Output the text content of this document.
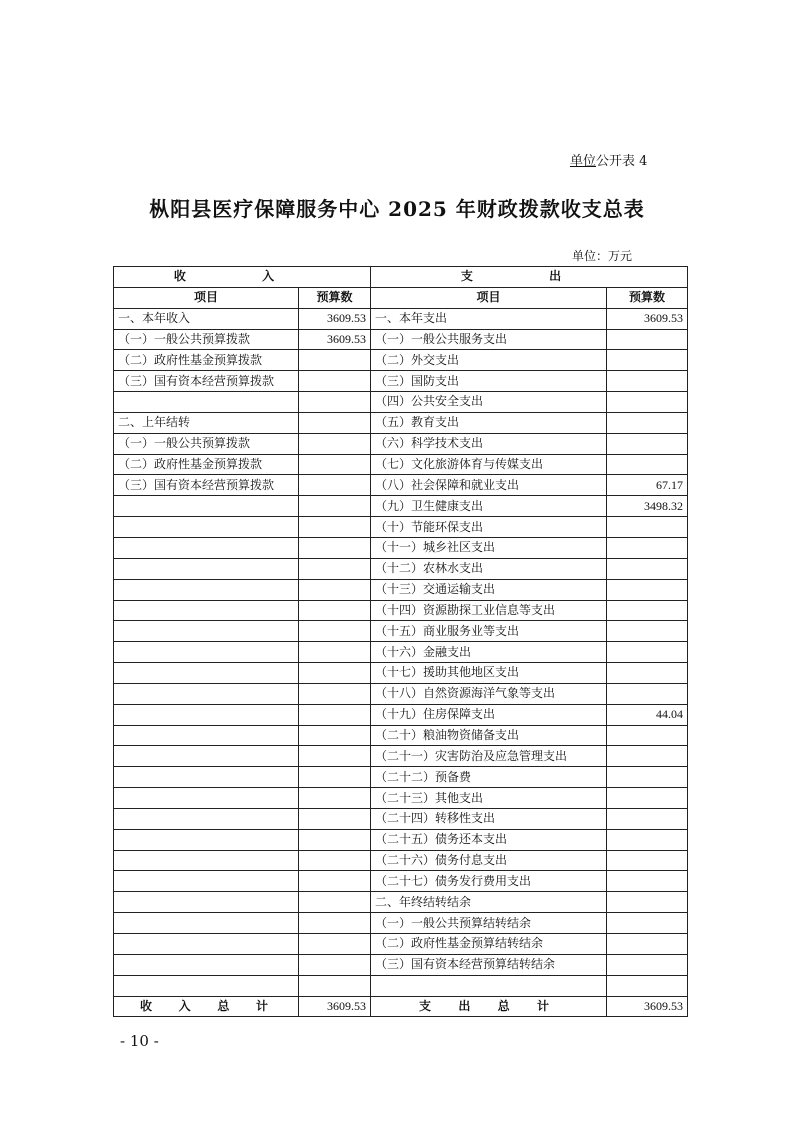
单位公开表 4
枞阳县医疗保障服务中心 2025 年财政拨款收支总表
单位：万元
收 入		支 出	
项目	预算数	项目	预算数
一、本年收入	3609.53	一、本年支出	3609.53
（一）一般公共预算拨款	3609.53	（一）一般公共服务支出	
（二）政府性基金预算拨款		（二）外交支出	
（三）国有资本经营预算拨款		（三）国防支出	
		（四）公共安全支出	
二、上年结转		（五）教育支出	
（一）一般公共预算拨款		（六）科学技术支出	
（二）政府性基金预算拨款		（七）文化旅游体育与传媒支出	
（三）国有资本经营预算拨款		（八）社会保障和就业支出	67.17
		（九）卫生健康支出	3498.32
		（十）节能环保支出	
		（十一）城乡社区支出	
		（十二）农林水支出	
		（十三）交通运输支出	
		（十四）资源勘探工业信息等支出	
		（十五）商业服务业等支出	
		（十六）金融支出	
		（十七）援助其他地区支出	
		（十八）自然资源海洋气象等支出	
		（十九）住房保障支出	44.04
		（二十）粮油物资储备支出	
		（二十一）灾害防治及应急管理支出	
		（二十二）预备费	
		（二十三）其他支出	
		（二十四）转移性支出	
		（二十五）债务还本支出	
		（二十六）债务付息支出	
		（二十七）债务发行费用支出	
		二、年终结转结余	
		（一）一般公共预算结转结余	
		（二）政府性基金预算结转结余	
		（三）国有资本经营预算结转结余	

收 入 总 计	3609.53	支 出 总 计	3609.53
- 10 -
